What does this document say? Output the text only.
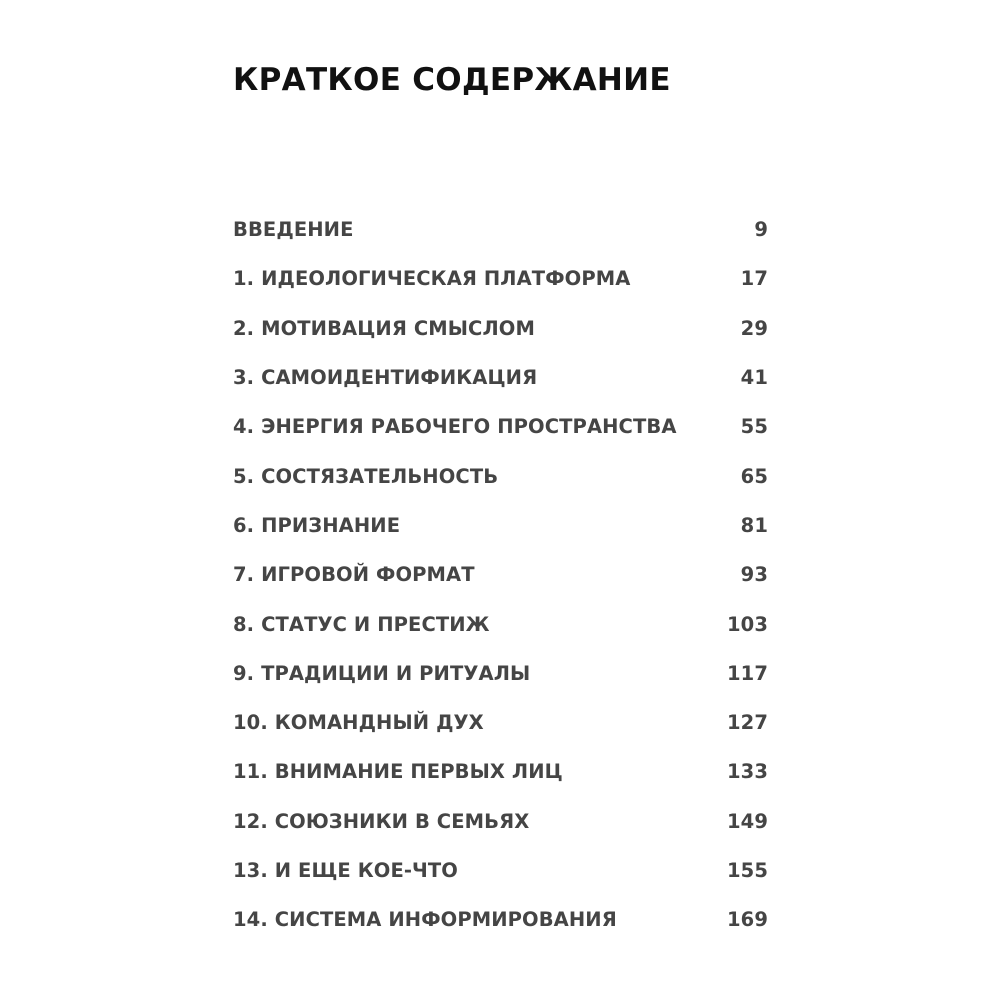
КРАТКОЕ СОДЕРЖАНИЕ
ВВЕДЕНИЕ	9
1. ИДЕОЛОГИЧЕСКАЯ ПЛАТФОРМА	17
2. МОТИВАЦИЯ СМЫСЛОМ	29
3. САМОИДЕНТИФИКАЦИЯ	41
4. ЭНЕРГИЯ РАБОЧЕГО ПРОСТРАНСТВА	55
5. СОСТЯЗАТЕЛЬНОСТЬ	65
6. ПРИЗНАНИЕ	81
7. ИГРОВОЙ ФОРМАТ	93
8. СТАТУС И ПРЕСТИЖ	103
9. ТРАДИЦИИ И РИТУАЛЫ	117
10. КОМАНДНЫЙ ДУХ	127
11. ВНИМАНИЕ ПЕРВЫХ ЛИЦ	133
12. СОЮЗНИКИ В СЕМЬЯХ	149
13. И ЕЩЕ КОЕ-ЧТО	155
14. СИСТЕМА ИНФОРМИРОВАНИЯ	169
